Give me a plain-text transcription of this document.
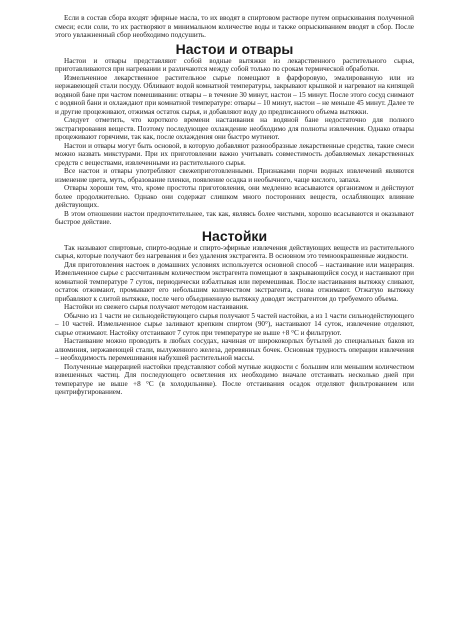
Если в состав сбора входят эфирные масла, то их вводят в спиртовом растворе путем опрыскивания полученной смеси; если соли, то их растворяют в минимальном количестве воды и также опрыскиванием вводят в сбор. После этого увлажненный сбор необходимо подсушить.

Настои и отвары

Настои и отвары представляют собой водные вытяжки из лекарственного растительного сырья, приготавливаются при нагревании и различаются между собой только по срокам термической обработки.

Измельченное лекарственное растительное сырье помещают в фарфоровую, эмалированную или из нержавеющей стали посуду. Обливают водой комнатной температуры, закрывают крышкой и нагревают на кипящей водяной бане при частом помешивании: отвары – в течение 30 минут, настои – 15 минут. После этого сосуд снимают с водяной бани и охлаждают при комнатной температуре: отвары – 10 минут, настои – не меньше 45 минут. Далее те и другие процеживают, отжимая остаток сырья, и добавляют воду до предписанного объема вытяжки.

Следует отметить, что короткого времени настаивания на водяной бане недостаточно для полного экстрагирования веществ. Поэтому последующее охлаждение необходимо для полноты извлечения. Однако отвары процеживают горячими, так как, после охлаждения они быстро мутнеют.

Настои и отвары могут быть основой, в которую добавляют разнообразные лекарственные средства, такие смеси можно назвать микстурами. При их приготовлении важно учитывать совместимость добавляемых лекарственных средств с веществами, извлеченными из растительного сырья.

Все настои и отвары употребляют свежеприготовленными. Признаками порчи водных извлечений являются изменение цвета, муть, образование пленки, появление осадка и необычного, чаще кислого, запаха.

Отвары хороши тем, что, кроме простоты приготовления, они медленно всасываются организмом и действуют более продолжительно. Однако они содержат слишком много посторонних веществ, ослабляющих влияние действующих.

В этом отношении настои предпочтительнее, так как, являясь более чистыми, хорошо всасываются и оказывают быстрое действие.

Настойки

Так называют спиртовые, спирто-водные и спирто-эфирные извлечения действующих веществ из растительного сырья, которые получают без нагревания и без удаления экстрагента. В основном это темноокрашенные жидкости.

Для приготовления настоек в домашних условиях используется основной способ – настаивание или мацерация. Измельченное сырье с рассчитанным количеством экстрагента помещают в закрывающийся сосуд и настаивают при комнатной температуре 7 суток, периодически взбалтывая или перемешивая. После настаивания вытяжку сливают, остаток отжимают, промывают его небольшим количеством экстрагента, снова отжимают. Отжатую вытяжку прибавляют к слитой вытяжке, после чего объединенную вытяжку доводят экстрагентом до требуемого объема.

Настойки из свежего сырья получают методом настаивания.

Обычно из 1 части не сильнодействующего сырья получают 5 частей настойки, а из 1 части сильнодействующего – 10 частей. Измельченное сырье заливают крепким спиртом (90°), настаивают 14 суток, извлечение отделяют, сырье отжимают. Настойку отстаивают 7 суток при температуре не выше +8 °С и фильтруют.

Настаивание можно проводить в любых сосудах, начиная от ширококорлых бутылей до специальных баков из алюминия, нержавеющей стали, вылуженного железа, деревянных бочек. Основная трудность операции извлечения – необходимость перемешивания набухшей растительной массы.

Полученные мацерацией настойки представляют собой мутные жидкости с большим или меньшим количеством взвешенных частиц. Для последующего осветления их необходимо вначале отстаивать несколько дней при температуре не выше +8 °С (в холодильнике). После отстаивания осадок отделяют фильтрованием или центрифугированием.
